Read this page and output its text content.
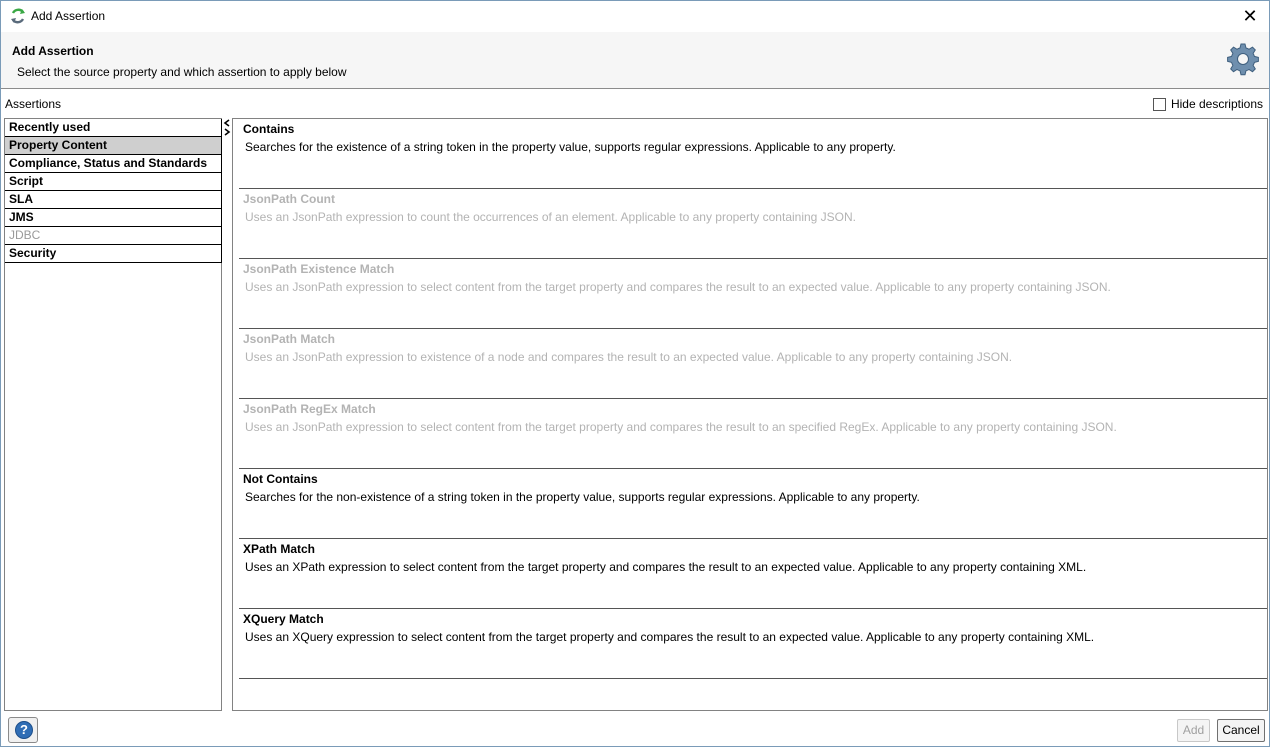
Add Assertion	✕
Add Assertion
Select the source property and which assertion to apply below
Assertions	Hide descriptions
Recently used
Property Content
Compliance, Status and Standards
Script
SLA
JMS
JDBC
Security
Contains
Searches for the existence of a string token in the property value, supports regular expressions. Applicable to any property.
JsonPath Count
Uses an JsonPath expression to count the occurrences of an element. Applicable to any property containing JSON.
JsonPath Existence Match
Uses an JsonPath expression to select content from the target property and compares the result to an expected value. Applicable to any property containing JSON.
JsonPath Match
Uses an JsonPath expression to existence of a node and compares the result to an expected value. Applicable to any property containing JSON.
JsonPath RegEx Match
Uses an JsonPath expression to select content from the target property and compares the result to an specified RegEx. Applicable to any property containing JSON.
Not Contains
Searches for the non-existence of a string token in the property value, supports regular expressions. Applicable to any property.
XPath Match
Uses an XPath expression to select content from the target property and compares the result to an expected value. Applicable to any property containing XML.
XQuery Match
Uses an XQuery expression to select content from the target property and compares the result to an expected value. Applicable to any property containing XML.
?	Add	Cancel
